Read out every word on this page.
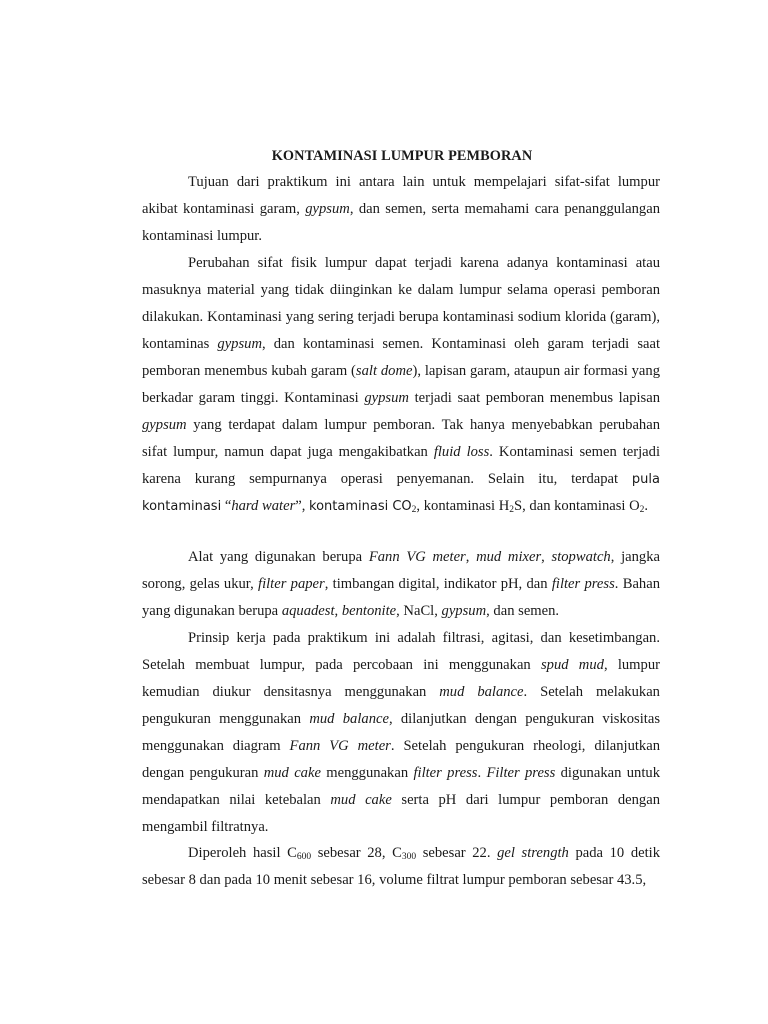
KONTAMINASI LUMPUR PEMBORAN

Tujuan dari praktikum ini antara lain untuk mempelajari sifat-sifat lumpur akibat kontaminasi garam, gypsum, dan semen, serta memahami cara penanggulangan kontaminasi lumpur.

Perubahan sifat fisik lumpur dapat terjadi karena adanya kontaminasi atau masuknya material yang tidak diinginkan ke dalam lumpur selama operasi pemboran dilakukan. Kontaminasi yang sering terjadi berupa kontaminasi sodium klorida (garam), kontaminas gypsum, dan kontaminasi semen. Kontaminasi oleh garam terjadi saat pemboran menembus kubah garam (salt dome), lapisan garam, ataupun air formasi yang berkadar garam tinggi. Kontaminasi gypsum terjadi saat pemboran menembus lapisan gypsum yang terdapat dalam lumpur pemboran. Tak hanya menyebabkan perubahan sifat lumpur, namun dapat juga mengakibatkan fluid loss. Kontaminasi semen terjadi karena kurang sempurnanya operasi penyemanan. Selain itu, terdapat pula kontaminasi “hard water”, kontaminasi $CO_2$, kontaminasi $H_2S$, dan kontaminasi $O_2$.

Alat yang digunakan berupa Fann VG meter, mud mixer, stopwatch, jangka sorong, gelas ukur, filter paper, timbangan digital, indikator pH, dan filter press. Bahan yang digunakan berupa aquadest, bentonite, NaCl, gypsum, dan semen.

Prinsip kerja pada praktikum ini adalah filtrasi, agitasi, dan kesetimbangan. Setelah membuat lumpur, pada percobaan ini menggunakan spud mud, lumpur kemudian diukur densitasnya menggunakan mud balance. Setelah melakukan pengukuran menggunakan mud balance, dilanjutkan dengan pengukuran viskositas menggunakan diagram Fann VG meter. Setelah pengukuran rheologi, dilanjutkan dengan pengukuran mud cake menggunakan filter press. Filter press digunakan untuk mendapatkan nilai ketebalan mud cake serta pH dari lumpur pemboran dengan mengambil filtratnya.

Diperoleh hasil $C_{600}$ sebesar 28, $C_{300}$ sebesar 22. gel strength pada 10 detik sebesar 8 dan pada 10 menit sebesar 16, volume filtrat lumpur pemboran sebesar 43.5,
